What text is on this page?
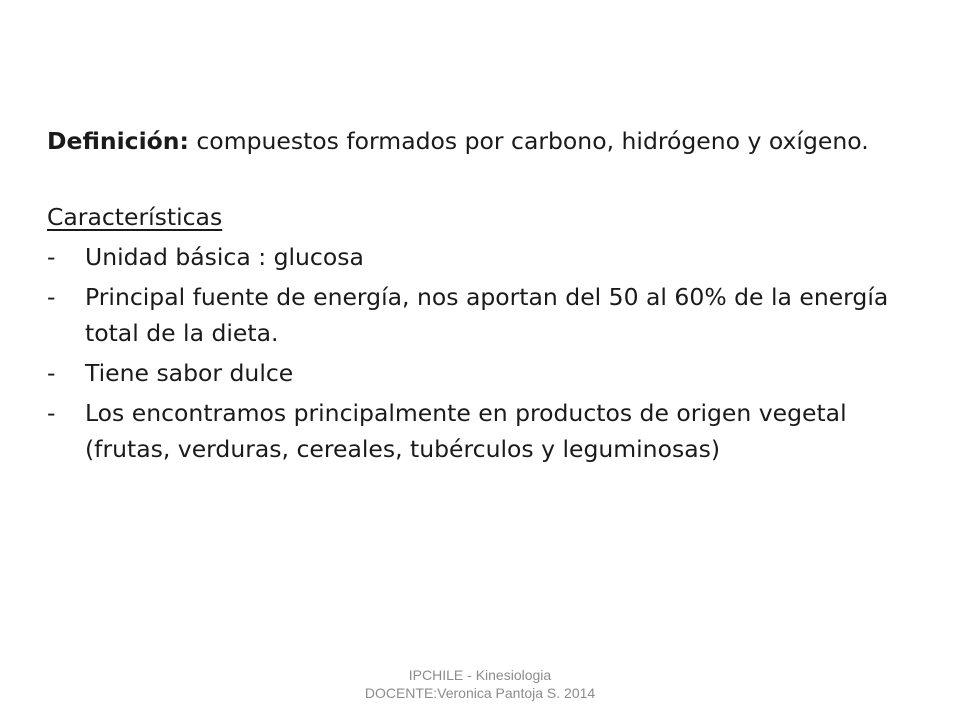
Definición: compuestos formados por carbono, hidrógeno y oxígeno.
Características
-	Unidad básica : glucosa
-	Principal fuente de energía, nos aportan del 50 al 60% de la energía total de la dieta.
-	Tiene sabor dulce
-	Los encontramos principalmente en productos de origen vegetal (frutas, verduras, cereales, tubérculos y leguminosas)
IPCHILE - Kinesiologia
DOCENTE:Veronica Pantoja S. 2014
